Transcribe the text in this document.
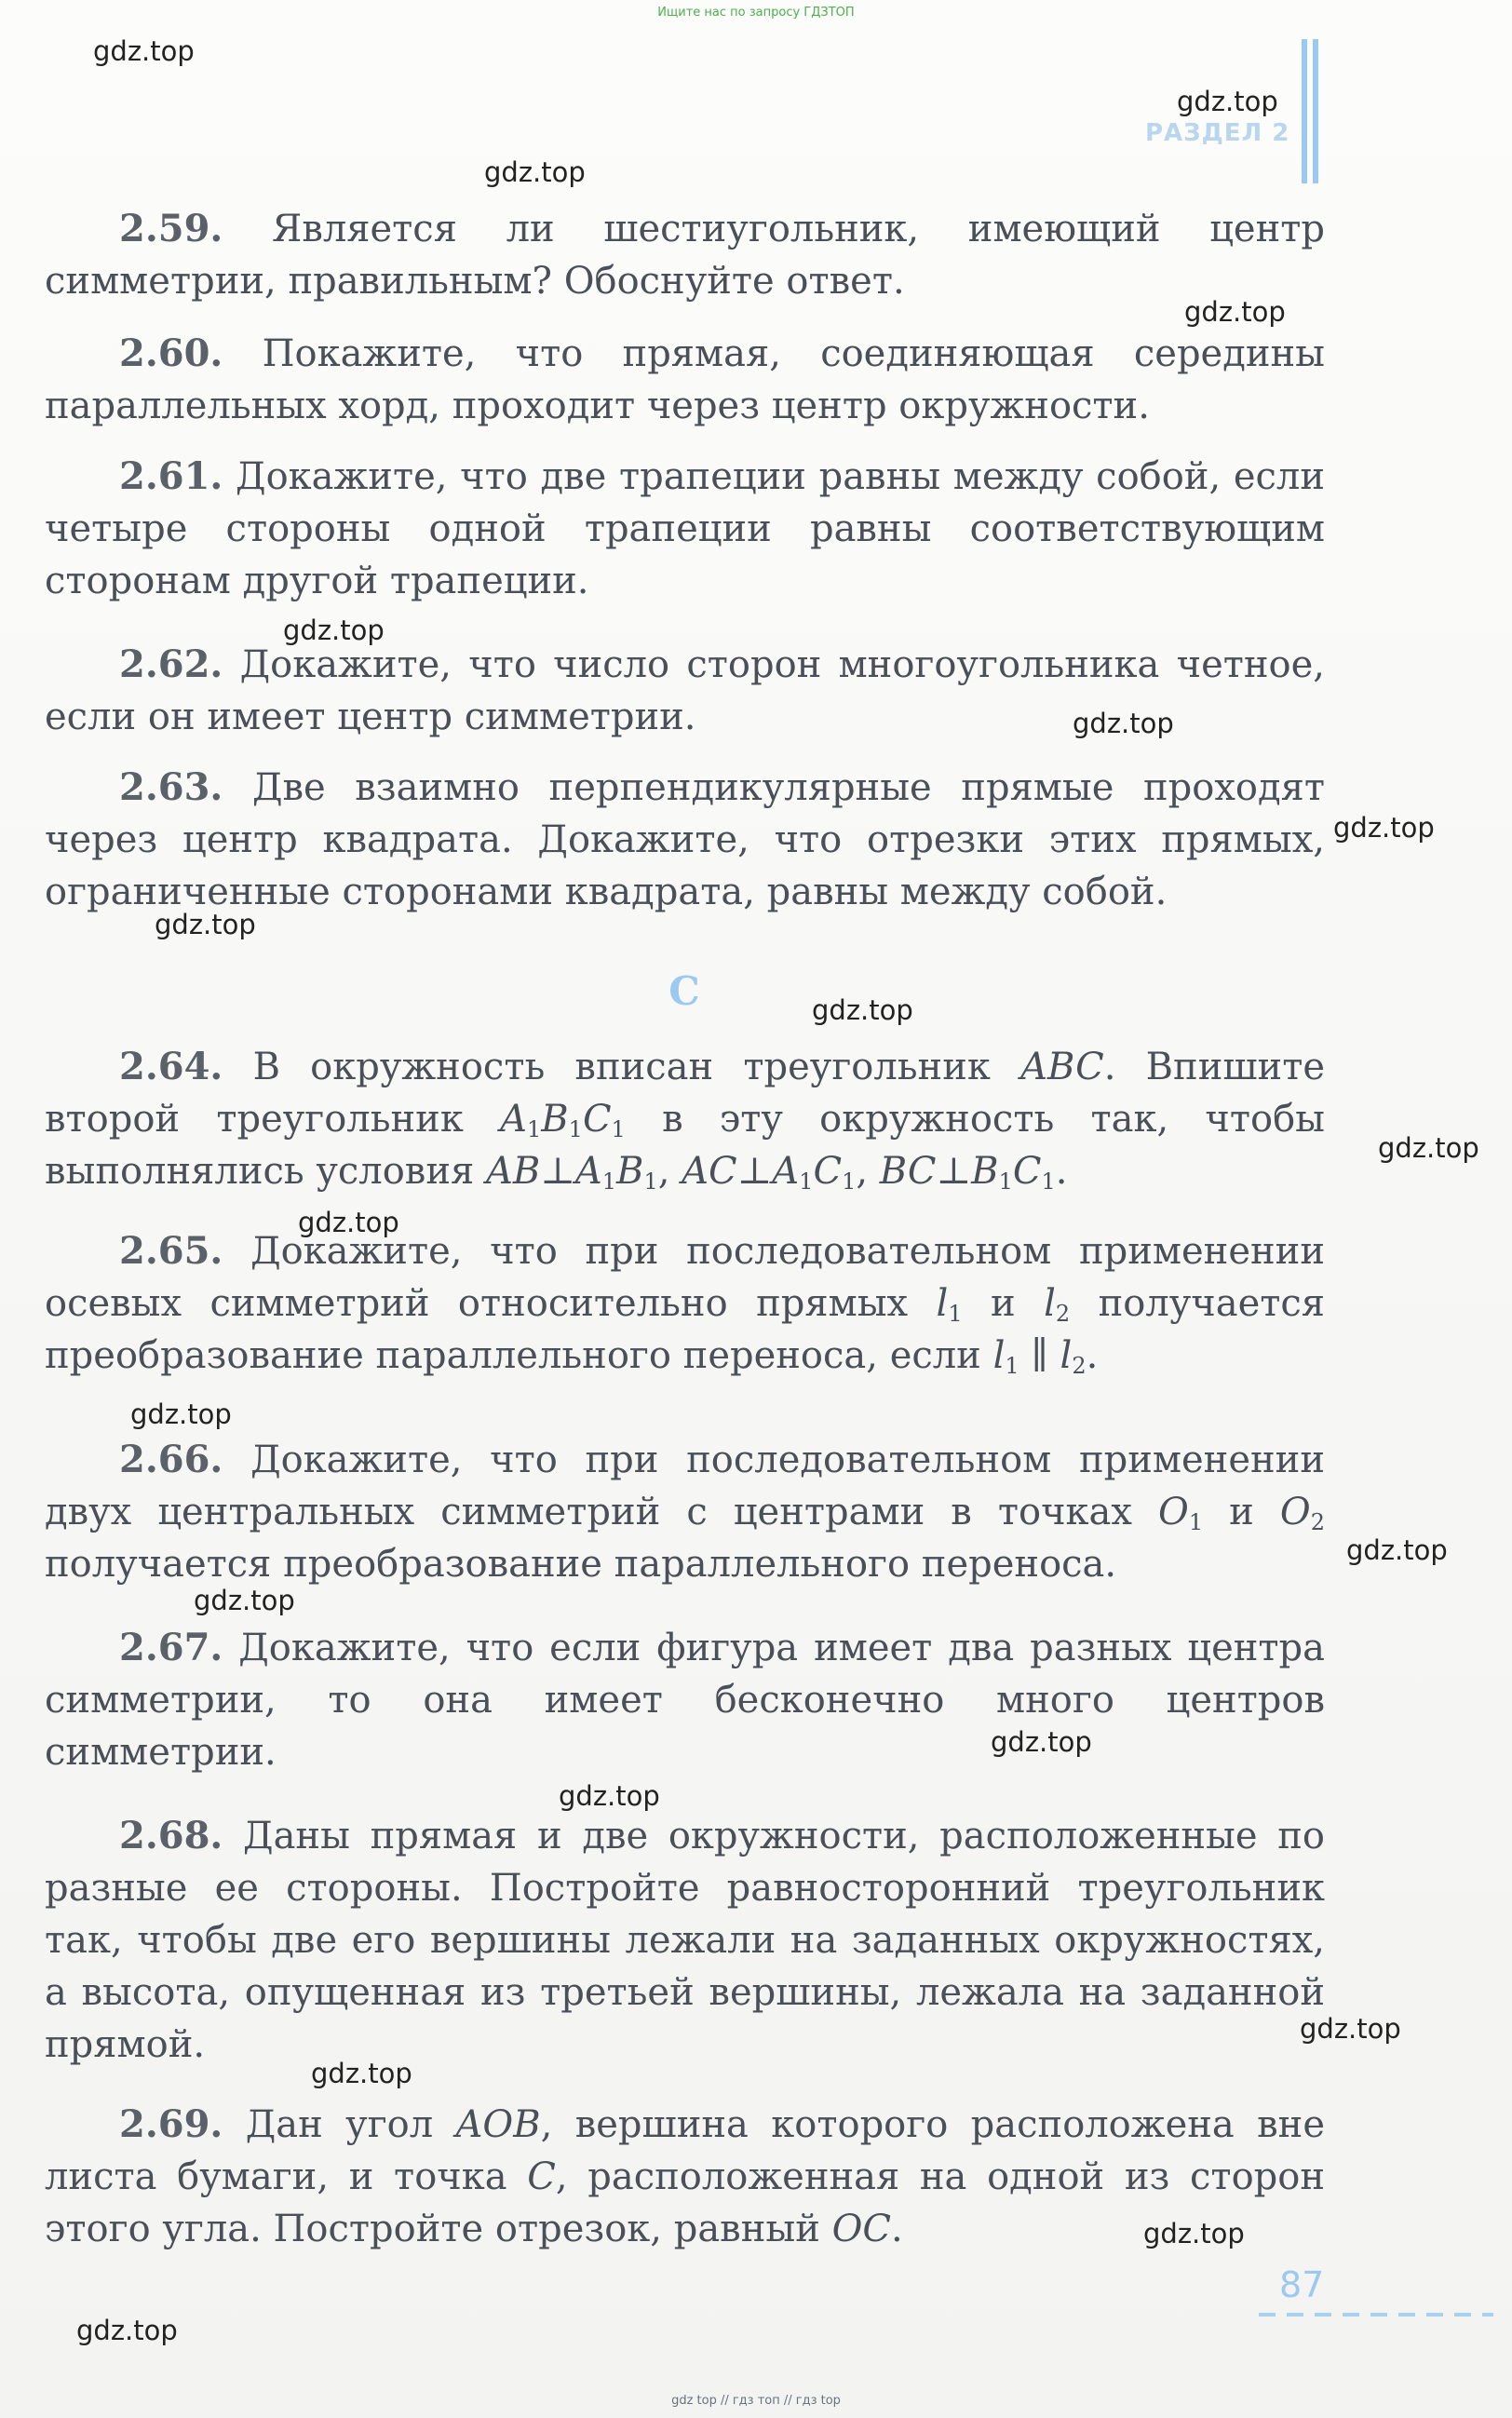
Ищите нас по запросу ГДЗТОП
РАЗДЕЛ 2
2.59. Является ли шестиугольник, имеющий центр симметрии, правильным? Обоснуйте ответ.
2.60. Покажите, что прямая, соединяющая середины параллельных хорд, проходит через центр окружности.
2.61. Докажите, что две трапеции равны между собой, если четыре стороны одной трапеции равны соответствующим сторонам другой трапеции.
2.62. Докажите, что число сторон многоугольника четное, если он имеет центр симметрии.
2.63. Две взаимно перпендикулярные прямые проходят через центр квадрата. Докажите, что отрезки этих прямых, ограниченные сторонами квадрата, равны между собой.
С
2.64. В окружность вписан треугольник ABC. Впишите второй треугольник $A_1B_1C_1$ в эту окружность так, чтобы выполнялись условия $AB\perp A_1B_1$, $AC\perp A_1C_1$, $BC\perp B_1C_1$.
2.65. Докажите, что при последовательном применении осевых симметрий относительно прямых $l_1$ и $l_2$ получается преобразование параллельного переноса, если $l_1$ ∥ $l_2$.
2.66. Докажите, что при последовательном применении двух центральных симметрий с центрами в точках $O_1$ и $O_2$ получается преобразование параллельного переноса.
2.67. Докажите, что если фигура имеет два разных центра симметрии, то она имеет бесконечно много центров симметрии.
2.68. Даны прямая и две окружности, расположенные по разные ее стороны. Постройте равносторонний треугольник так, чтобы две его вершины лежали на заданных окружностях, а высота, опущенная из третьей вершины, лежала на заданной прямой.
2.69. Дан угол AOB, вершина которого расположена вне листа бумаги, и точка C, расположенная на одной из сторон этого угла. Постройте отрезок, равный OC.
gdz.top
gdz.top
gdz.top
gdz.top
gdz.top
gdz.top
gdz.top
gdz.top
gdz.top
gdz.top
gdz.top
gdz.top
gdz.top
gdz.top
gdz.top
gdz.top
gdz.top
gdz.top
gdz.top
gdz.top
87
gdz top // гдз топ // гдз top
